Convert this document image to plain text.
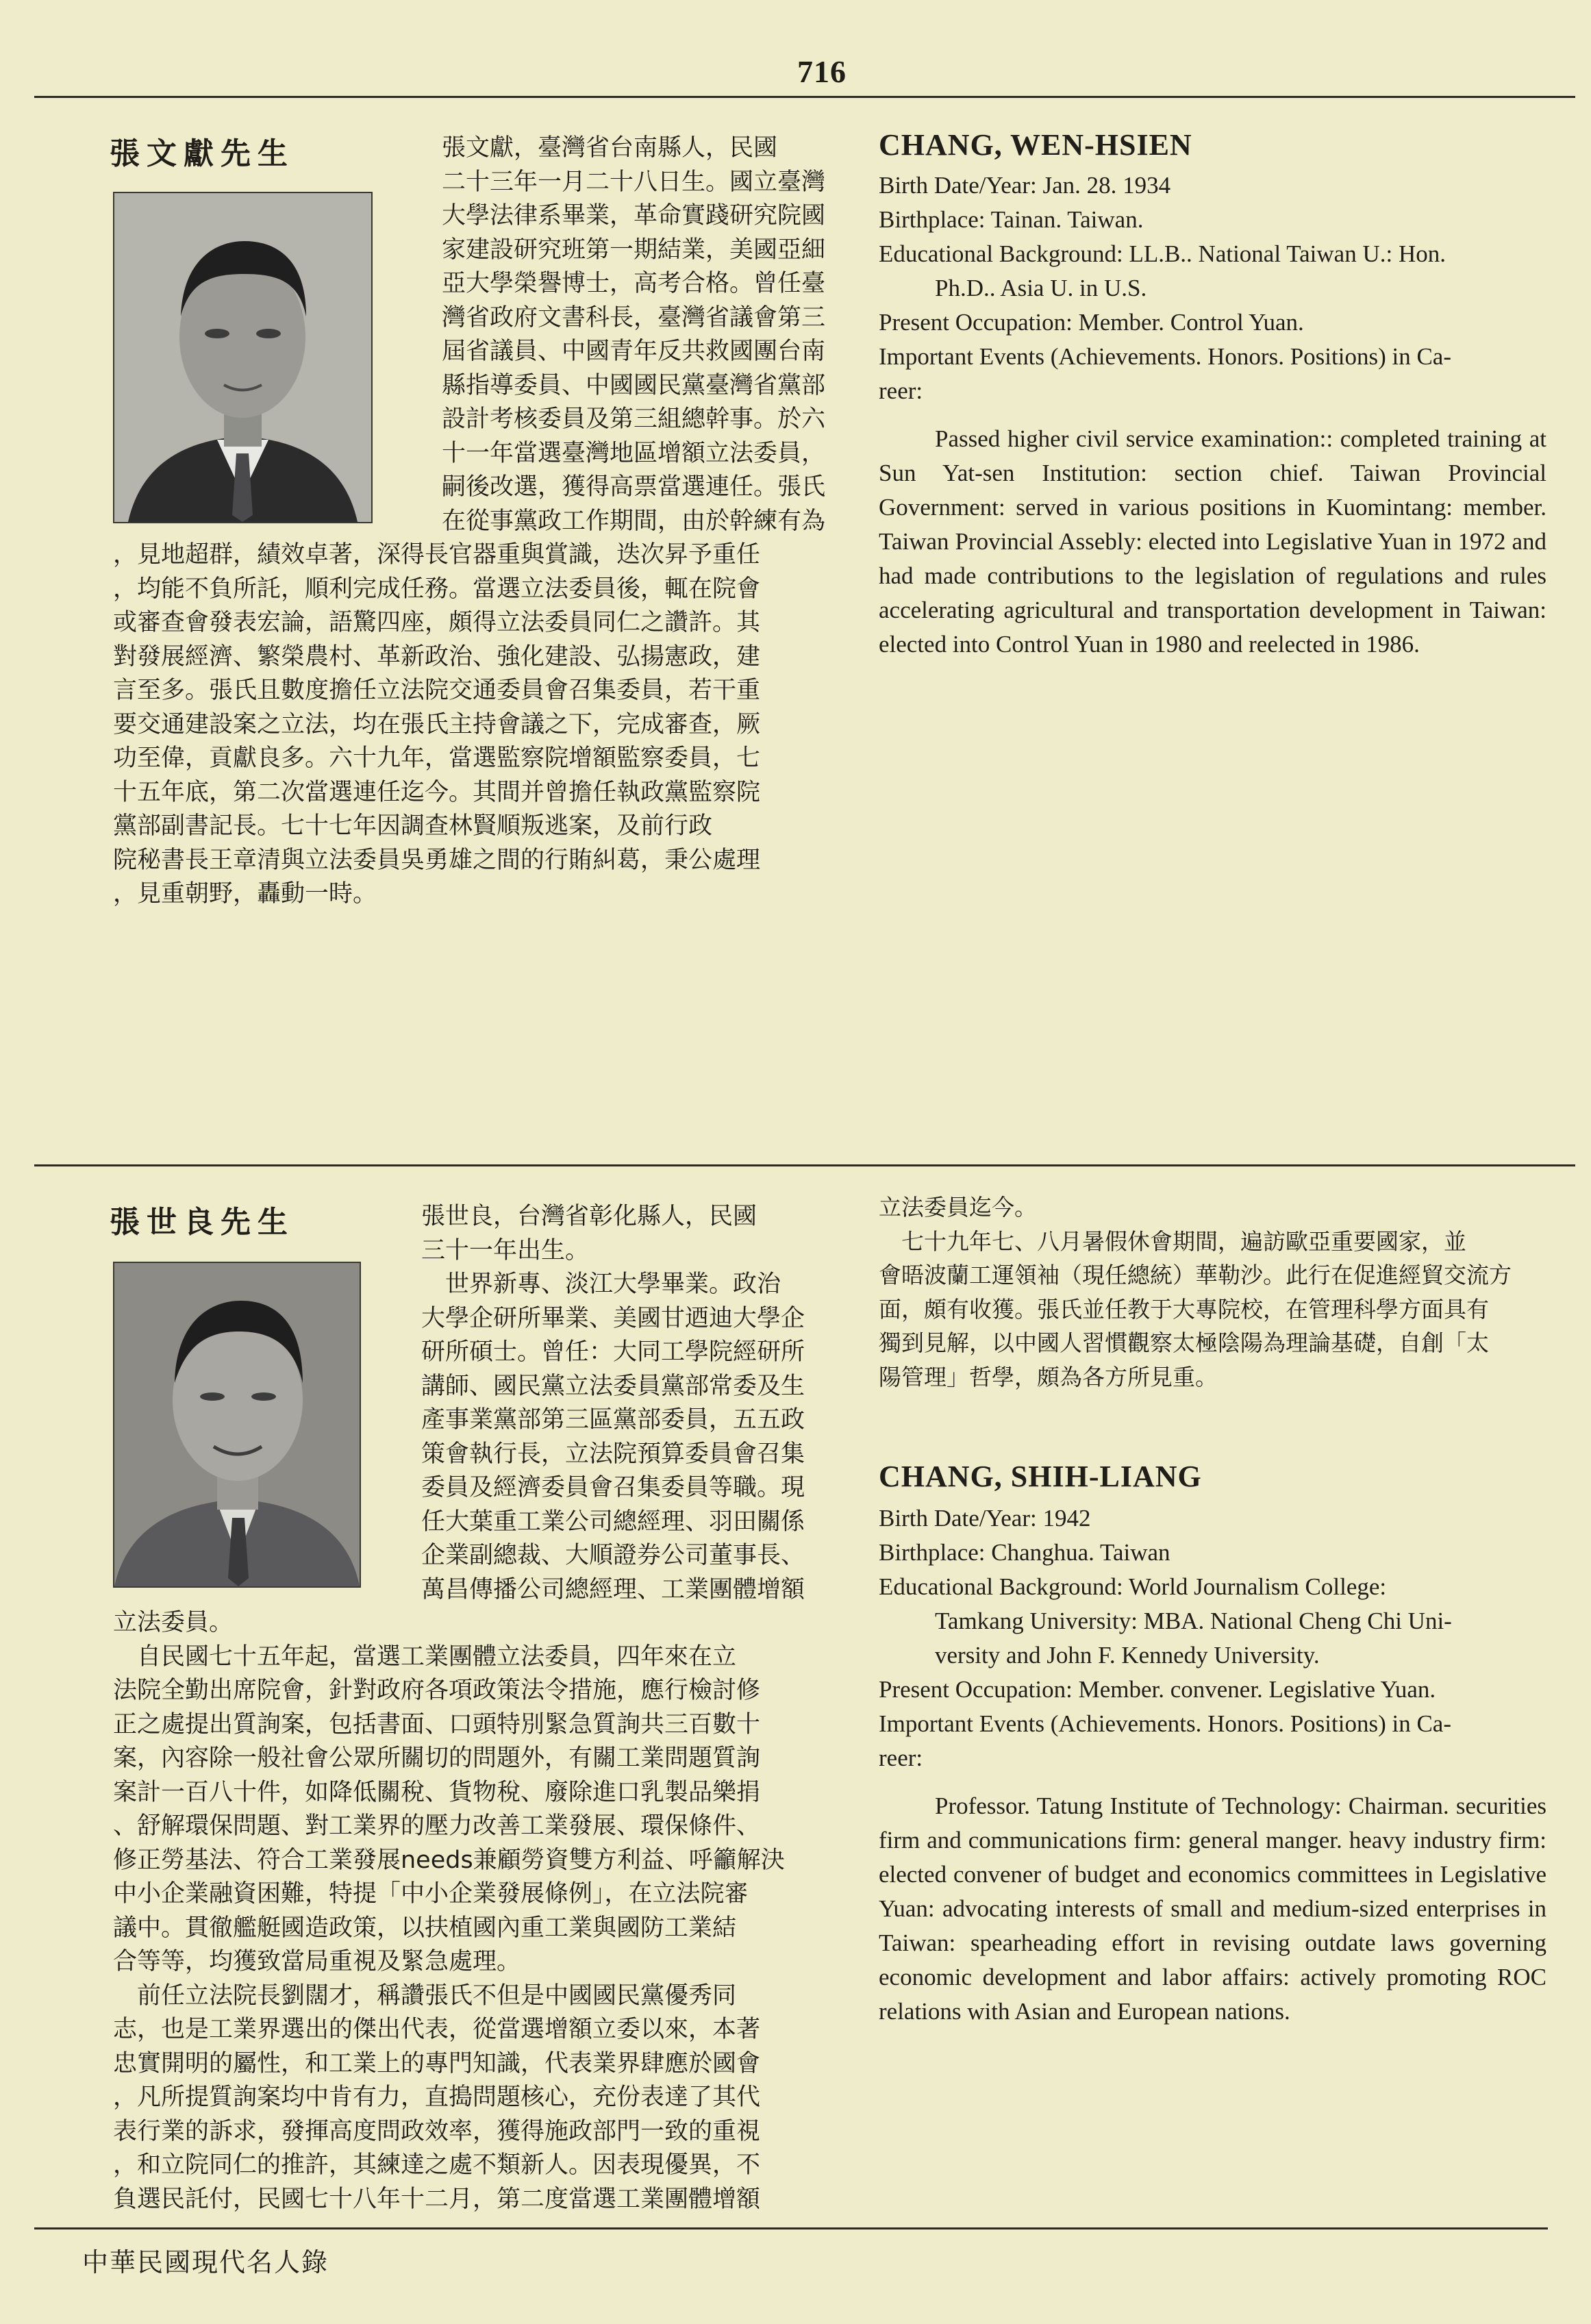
716
張文獻先生	張文獻，臺灣省台南縣人，民國
二十三年一月二十八日生。國立臺灣
大學法律系畢業，革命實踐研究院國
家建設研究班第一期結業，美國亞細
亞大學榮譽博士，高考合格。曾任臺
灣省政府文書科長，臺灣省議會第三
屆省議員、中國青年反共救國團台南
縣指導委員、中國國民黨臺灣省黨部
設計考核委員及第三組總幹事。於六
十一年當選臺灣地區增額立法委員，
嗣後改選，獲得高票當選連任。張氏
在從事黨政工作期間，由於幹練有為
，見地超群，績效卓著，深得長官器重與賞識，迭次昇予重任
，均能不負所託，順利完成任務。當選立法委員後，輒在院會
或審查會發表宏論，語驚四座，頗得立法委員同仁之讚許。其
對發展經濟、繁榮農村、革新政治、強化建設、弘揚憲政，建
言至多。張氏且數度擔任立法院交通委員會召集委員，若干重
要交通建設案之立法，均在張氏主持會議之下，完成審查，厥
功至偉，貢獻良多。六十九年，當選監察院增額監察委員，七
十五年底，第二次當選連任迄今。其間并曾擔任執政黨監察院
黨部副書記長。七十七年因調查林賢順叛逃案，及前行政
院秘書長王章清與立法委員吳勇雄之間的行賄糾葛，秉公處理
，見重朝野，轟動一時。
CHANG, WEN-HSIEN
Birth Date/Year: Jan. 28. 1934
Birthplace: Tainan. Taiwan.
Educational Background: LL.B.. National Taiwan U.: Hon.
Ph.D.. Asia U. in U.S.
Present Occupation: Member. Control Yuan.
Important Events (Achievements. Honors. Positions) in Ca-
reer:
Passed higher civil service examination:: completed training at Sun Yat-sen Institution: section chief. Taiwan Provincial Government: served in various positions in Kuomintang: member. Taiwan Provincial Assebly: elected into Legislative Yuan in 1972 and had made contributions to the legislation of regulations and rules accelerating agricultural and transportation development in Taiwan: elected into Control Yuan in 1980 and reelected in 1986.

張世良先生	張世良，台灣省彰化縣人，民國
三十一年出生。
　世界新專、淡江大學畢業。政治
大學企研所畢業、美國甘迺迪大學企
研所碩士。曾任：大同工學院經研所
講師、國民黨立法委員黨部常委及生
產事業黨部第三區黨部委員，五五政
策會執行長，立法院預算委員會召集
委員及經濟委員會召集委員等職。現
任大葉重工業公司總經理、羽田關係
企業副總裁、大順證券公司董事長、
萬昌傳播公司總經理、工業團體增額
立法委員。
　自民國七十五年起，當選工業團體立法委員，四年來在立
法院全勤出席院會，針對政府各項政策法令措施，應行檢討修
正之處提出質詢案，包括書面、口頭特別緊急質詢共三百數十
案，內容除一般社會公眾所關切的問題外，有關工業問題質詢
案計一百八十件，如降低關稅、貨物稅、廢除進口乳製品樂捐
、舒解環保問題、對工業界的壓力改善工業發展、環保條件、
修正勞基法、符合工業發展needs兼顧勞資雙方利益、呼籲解決
中小企業融資困難，特提「中小企業發展條例」，在立法院審
議中。貫徹艦艇國造政策，以扶植國內重工業與國防工業結
合等等，均獲致當局重視及緊急處理。
　前任立法院長劉闊才，稱讚張氏不但是中國國民黨優秀同
志，也是工業界選出的傑出代表，從當選增額立委以來，本著
忠實開明的屬性，和工業上的專門知識，代表業界肆應於國會
，凡所提質詢案均中肯有力，直搗問題核心，充份表達了其代
表行業的訴求，發揮高度問政效率，獲得施政部門一致的重視
，和立院同仁的推許，其練達之處不類新人。因表現優異，不
負選民託付，民國七十八年十二月，第二度當選工業團體增額
立法委員迄今。
　七十九年七、八月暑假休會期間，遍訪歐亞重要國家，並
會晤波蘭工運領袖（現任總統）華勒沙。此行在促進經貿交流方
面，頗有收獲。張氏並任教于大專院校，在管理科學方面具有
獨到見解，以中國人習慣觀察太極陰陽為理論基礎，自創「太
陽管理」哲學，頗為各方所見重。
CHANG, SHIH-LIANG
Birth Date/Year: 1942
Birthplace: Changhua. Taiwan
Educational Background: World Journalism College:
Tamkang University: MBA. National Cheng Chi Uni-
versity and John F. Kennedy University.
Present Occupation: Member. convener. Legislative Yuan.
Important Events (Achievements. Honors. Positions) in Ca-
reer:
Professor. Tatung Institute of Technology: Chairman. securities firm and communications firm: general manger. heavy industry firm: elected convener of budget and economics committees in Legislative Yuan: advocating interests of small and medium-sized enterprises in Taiwan: spearheading effort in revising outdate laws governing economic development and labor affairs: actively promoting ROC relations with Asian and European nations.
中華民國現代名人錄
